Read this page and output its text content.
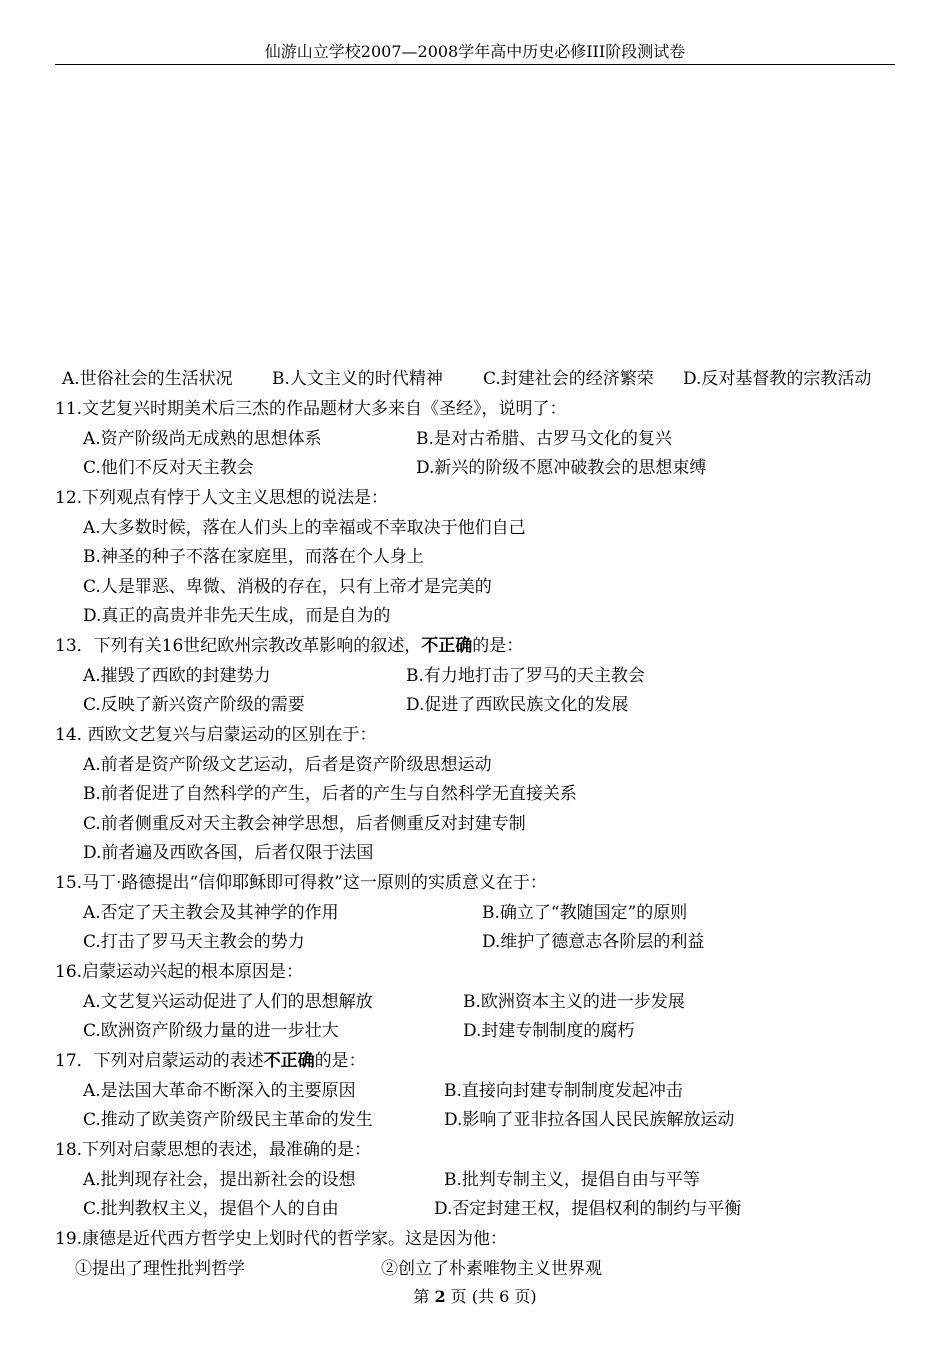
仙游山立学校2007—2008学年高中历史必修III阶段测试卷
A.世俗社会的生活状况 B.人文主义的时代精神 C.封建社会的经济繁荣 D.反对基督教的宗教活动
11.文艺复兴时期美术后三杰的作品题材大多来自《圣经》，说明了：
A.资产阶级尚无成熟的思想体系	B.是对古希腊、古罗马文化的复兴
C.他们不反对天主教会	D.新兴的阶级不愿冲破教会的思想束缚
12.下列观点有悖于人文主义思想的说法是：
A.大多数时候，落在人们头上的幸福或不幸取决于他们自己
B.神圣的种子不落在家庭里，而落在个人身上
C.人是罪恶、卑微、消极的存在，只有上帝才是完美的
D.真正的高贵并非先天生成，而是自为的
13．下列有关16世纪欧州宗教改革影响的叙述，不正确的是：
A.摧毁了西欧的封建势力	B.有力地打击了罗马的天主教会
C.反映了新兴资产阶级的需要	D.促进了西欧民族文化的发展
14. 西欧文艺复兴与启蒙运动的区别在于：
A.前者是资产阶级文艺运动，后者是资产阶级思想运动
B.前者促进了自然科学的产生，后者的产生与自然科学无直接关系
C.前者侧重反对天主教会神学思想，后者侧重反对封建专制
D.前者遍及西欧各国，后者仅限于法国
15.马丁·路德提出“信仰耶稣即可得救”这一原则的实质意义在于：
A.否定了天主教会及其神学的作用	B.确立了“教随国定”的原则
C.打击了罗马天主教会的势力	D.维护了德意志各阶层的利益
16.启蒙运动兴起的根本原因是：
A.文艺复兴运动促进了人们的思想解放	B.欧洲资本主义的进一步发展
C.欧洲资产阶级力量的进一步壮大	D.封建专制制度的腐朽
17．下列对启蒙运动的表述不正确的是：
A.是法国大革命不断深入的主要原因	B.直接向封建专制制度发起冲击
C.推动了欧美资产阶级民主革命的发生	D.影响了亚非拉各国人民民族解放运动
18.下列对启蒙思想的表述，最准确的是：
A.批判现存社会，提出新社会的设想	B.批判专制主义，提倡自由与平等
C.批判教权主义，提倡个人的自由	D.否定封建王权，提倡权利的制约与平衡
19.康德是近代西方哲学史上划时代的哲学家。这是因为他：
①提出了理性批判哲学	②创立了朴素唯物主义世界观
第 2 页 (共 6 页)
